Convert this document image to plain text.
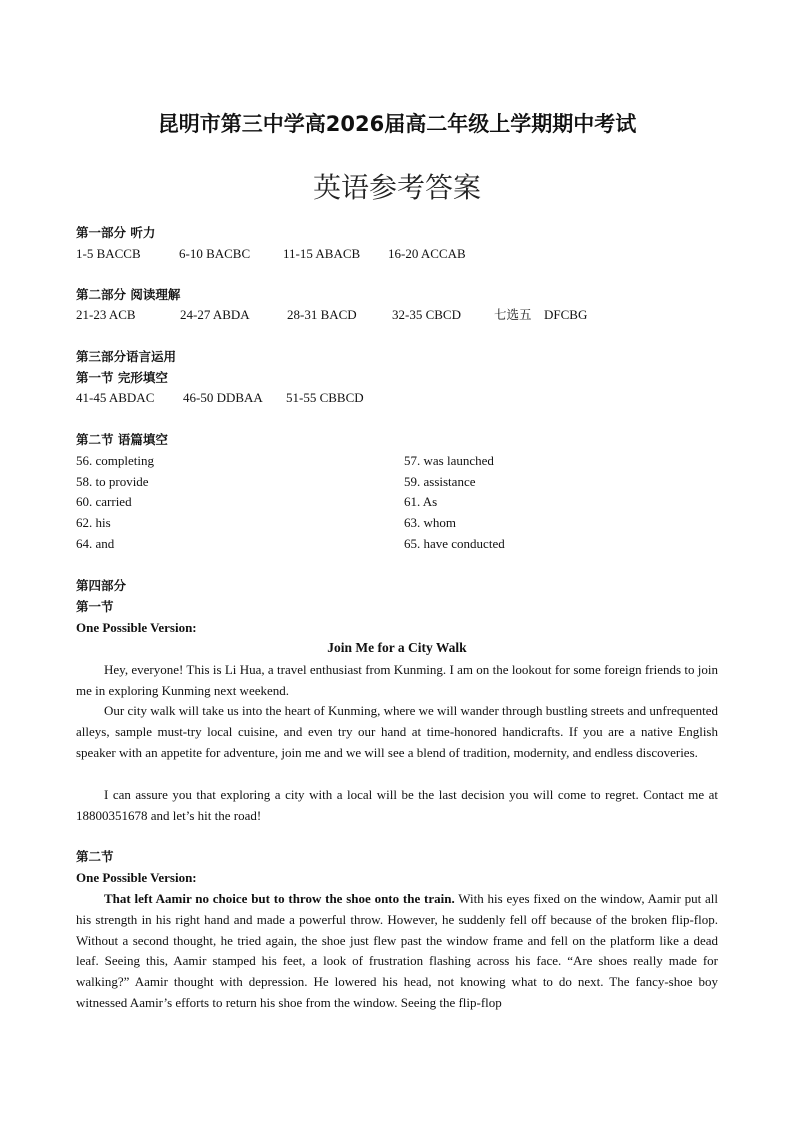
昆明市第三中学高2026届高二年级上学期期中考试
英语参考答案
第一部分 听力
1-5 BACCB	6-10 BACBC	11-15 ABACB 16-20 ACCAB
第二部分 阅读理解
21-23 ACB	24-27 ABDA	28-31 BACD	32-35 CBCD	七选五 DFCBG
第三部分语言运用
第一节 完形填空
41-45 ABDAC 46-50 DDBAA 51-55 CBBCD
第二节 语篇填空
56. completing	57. was launched
58. to provide	59. assistance
60. carried	61. As
62. his	63. whom
64. and	65. have conducted
第四部分
第一节
One Possible Version:
Join Me for a City Walk
Hey, everyone! This is Li Hua, a travel enthusiast from Kunming. I am on the lookout for some foreign friends to join me in exploring Kunming next weekend.
Our city walk will take us into the heart of Kunming, where we will wander through bustling streets and unfrequented alleys, sample must-try local cuisine, and even try our hand at time-honored handicrafts. If you are a native English speaker with an appetite for adventure, join me and we will see a blend of tradition, modernity, and endless discoveries.
I can assure you that exploring a city with a local will be the last decision you will come to regret. Contact me at 18800351678 and let’s hit the road!
第二节
One Possible Version:
That left Aamir no choice but to throw the shoe onto the train. With his eyes fixed on the window, Aamir put all his strength in his right hand and made a powerful throw. However, he suddenly fell off because of the broken flip-flop. Without a second thought, he tried again, the shoe just flew past the window frame and fell on the platform like a dead leaf. Seeing this, Aamir stamped his feet, a look of frustration flashing across his face. “Are shoes really made for walking?” Aamir thought with depression. He lowered his head, not knowing what to do next. The fancy-shoe boy witnessed Aamir’s efforts to return his shoe from the window. Seeing the flip-flop
